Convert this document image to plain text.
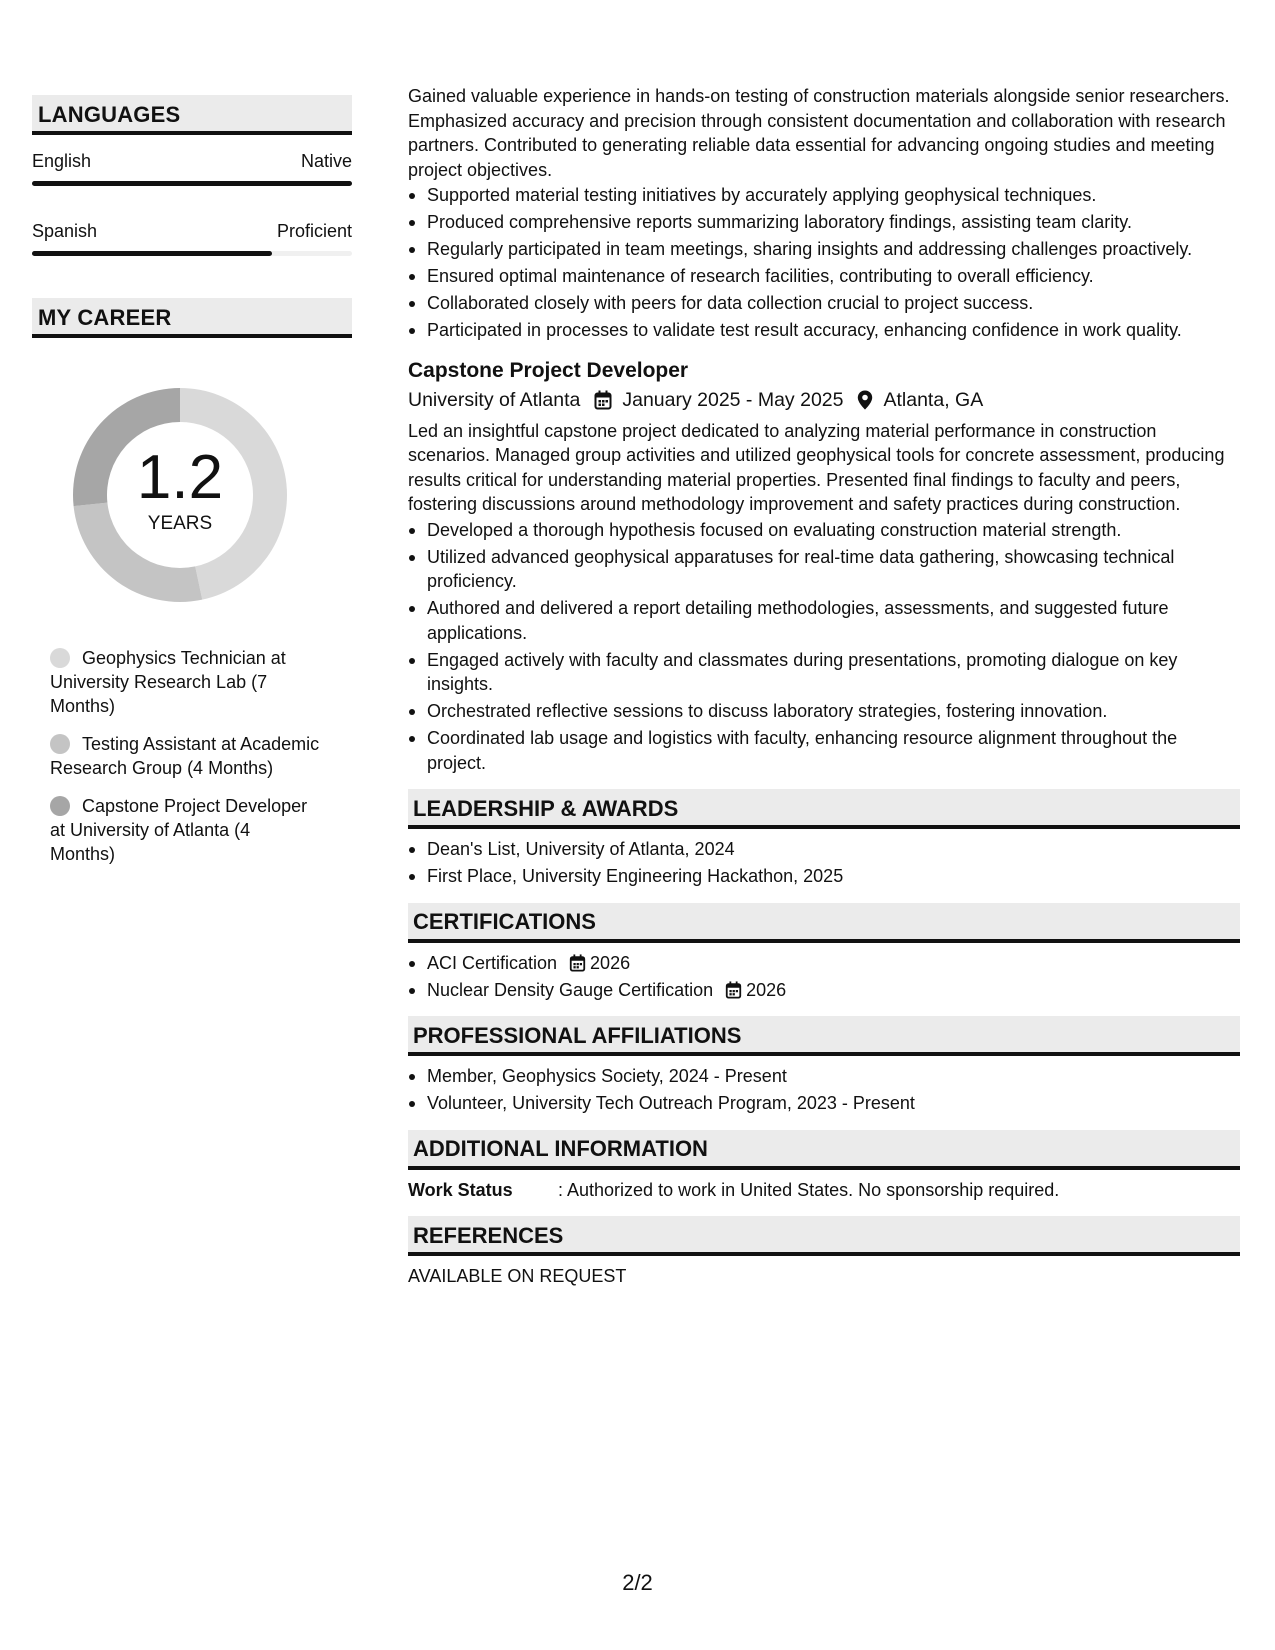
LANGUAGES
English	Native
Spanish	Proficient
MY CAREER
1.2
YEARS
Geophysics Technician at University Research Lab (7 Months)
Testing Assistant at Academic Research Group (4 Months)
Capstone Project Developer at University of Atlanta (4 Months)
Gained valuable experience in hands-on testing of construction materials alongside senior researchers. Emphasized accuracy and precision through consistent documentation and collaboration with research partners. Contributed to generating reliable data essential for advancing ongoing studies and meeting project objectives.
Supported material testing initiatives by accurately applying geophysical techniques.
Produced comprehensive reports summarizing laboratory findings, assisting team clarity.
Regularly participated in team meetings, sharing insights and addressing challenges proactively.
Ensured optimal maintenance of research facilities, contributing to overall efficiency.
Collaborated closely with peers for data collection crucial to project success.
Participated in processes to validate test result accuracy, enhancing confidence in work quality.
Capstone Project Developer
University of Atlanta January 2025 - May 2025 Atlanta, GA
Led an insightful capstone project dedicated to analyzing material performance in construction scenarios. Managed group activities and utilized geophysical tools for concrete assessment, producing results critical for understanding material properties. Presented final findings to faculty and peers, fostering discussions around methodology improvement and safety practices during construction.
Developed a thorough hypothesis focused on evaluating construction material strength.
Utilized advanced geophysical apparatuses for real-time data gathering, showcasing technical proficiency.
Authored and delivered a report detailing methodologies, assessments, and suggested future applications.
Engaged actively with faculty and classmates during presentations, promoting dialogue on key insights.
Orchestrated reflective sessions to discuss laboratory strategies, fostering innovation.
Coordinated lab usage and logistics with faculty, enhancing resource alignment throughout the project.
LEADERSHIP & AWARDS
Dean's List, University of Atlanta, 2024
First Place, University Engineering Hackathon, 2025
CERTIFICATIONS
ACI Certification 2026
Nuclear Density Gauge Certification 2026
PROFESSIONAL AFFILIATIONS
Member, Geophysics Society, 2024 - Present
Volunteer, University Tech Outreach Program, 2023 - Present
ADDITIONAL INFORMATION
Work Status	: Authorized to work in United States. No sponsorship required.
REFERENCES
AVAILABLE ON REQUEST
2/2
